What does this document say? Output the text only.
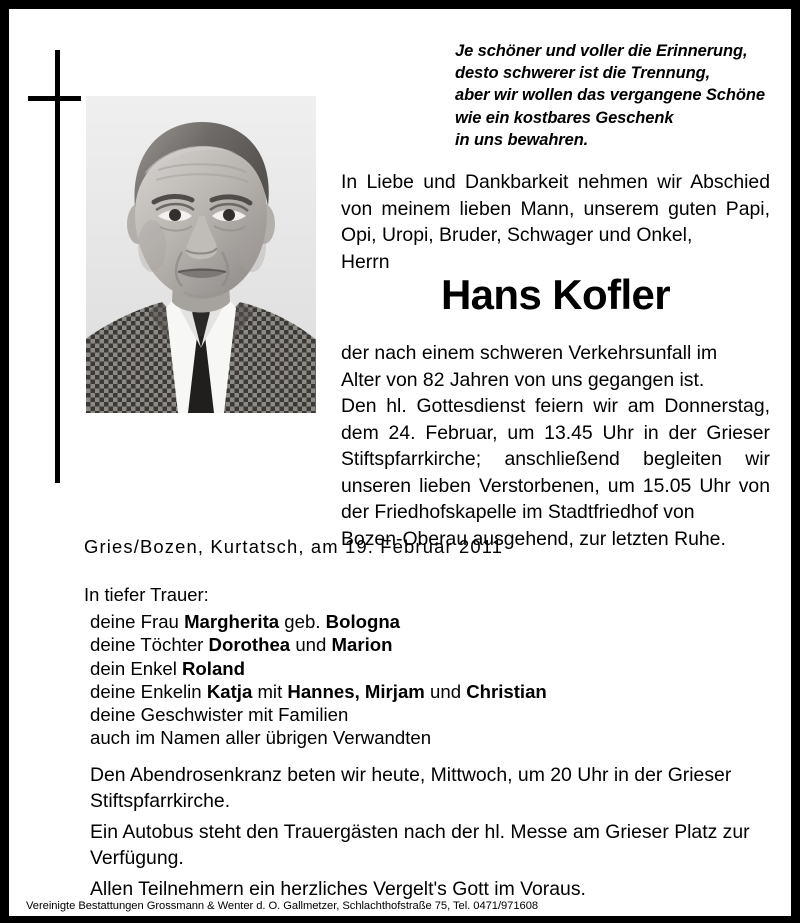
Je schöner und voller die Erinnerung,
desto schwerer ist die Trennung,
aber wir wollen das vergangene Schöne
wie ein kostbares Geschenk
in uns bewahren.
In Liebe und Dankbarkeit nehmen wir Abschied von meinem lieben Mann, unserem guten Papi, Opi, Uropi, Bruder, Schwager und Onkel,
Herrn
Hans Kofler
der nach einem schweren Verkehrsunfall im
Alter von 82 Jahren von uns gegangen ist.
Den hl. Gottesdienst feiern wir am Donnerstag, dem 24. Februar, um 13.45 Uhr in der Grieser Stiftspfarrkirche; anschließend begleiten wir unseren lieben Verstorbenen, um 15.05 Uhr von der Friedhofskapelle im Stadtfriedhof von
Bozen-Oberau ausgehend, zur letzten Ruhe.
Gries/Bozen, Kurtatsch, am 19. Februar 2011
In tiefer Trauer:
deine Frau Margherita geb. Bologna
deine Töchter Dorothea und Marion
dein Enkel Roland
deine Enkelin Katja mit Hannes, Mirjam und Christian
deine Geschwister mit Familien
auch im Namen aller übrigen Verwandten

Den Abendrosenkranz beten wir heute, Mittwoch, um 20 Uhr in der Grieser Stiftspfarrkirche.

Ein Autobus steht den Trauergästen nach der hl. Messe am Grieser Platz zur Verfügung.

Allen Teilnehmern ein herzliches Vergelt's Gott im Voraus.

Vereinigte Bestattungen Grossmann & Wenter d. O. Gallmetzer, Schlachthofstraße 75, Tel. 0471/971608
